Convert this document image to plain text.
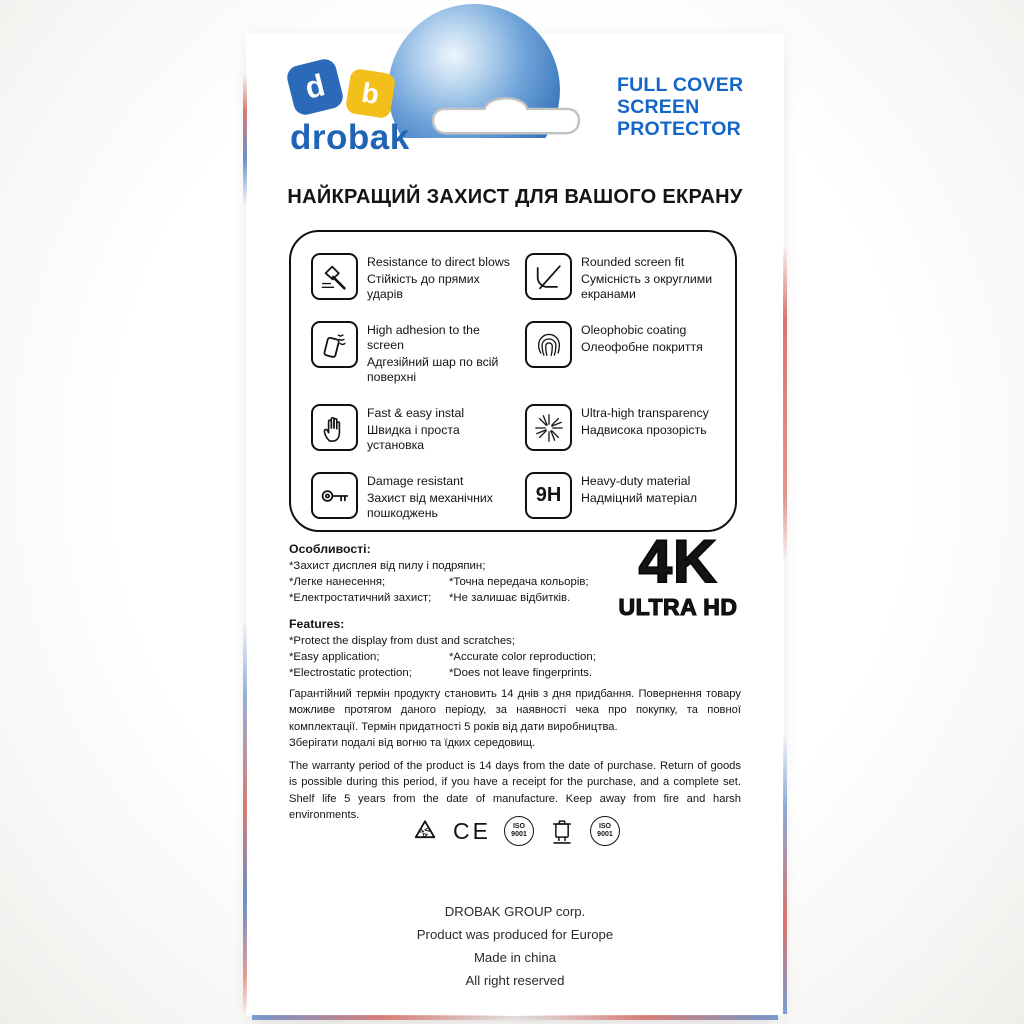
d b
drobak
FULL COVER
SCREEN
PROTECTOR
НАЙКРАЩИЙ ЗАХИСТ ДЛЯ ВАШОГО ЕКРАНУ
Resistance to direct blows
Стійкість до прямих ударів
Rounded screen fit
Сумісність з округлими екранами
High adhesion to the screen
Адгезійний шар по всій поверхні
Oleophobic coating
Олеофобне покриття
Fast & easy instal
Швидка і проста установка
Ultra-high transparency
Надвисока прозорість
Damage resistant
Захист від механічних пошкоджень
9H
Heavy-duty material
Надміцний матеріал
Особливості:
*Захист дисплея від пилу і подряпин;
*Легке нанесення;	*Точна передача кольорів;
*Електростатичний захист;	*Не залишає відбитків.
4K
ULTRA HD
Features:
*Protect the display from dust and scratches;
*Easy application;	*Accurate color reproduction;
*Electrostatic protection;	*Does not leave fingerprints.
Гарантійний термін продукту становить 14 днів з дня придбання. Повернення товару можливе протягом даного періоду, за наявності чека про покупку, та повної комплектації. Термін придатності 5 років від дати виробництва.
Зберігати подалі від вогню та їдких середовищ.
The warranty period of the product is 14 days from the date of purchase. Return of goods is possible during this period, if you have a receipt for the purchase, and a complete set. Shelf life 5 years from the date of manufacture. Keep away from fire and harsh environments.
CE	ISO
9001
ISO
9001
DROBAK GROUP corp.
Product was produced for Europe
Made in china
All right reserved
